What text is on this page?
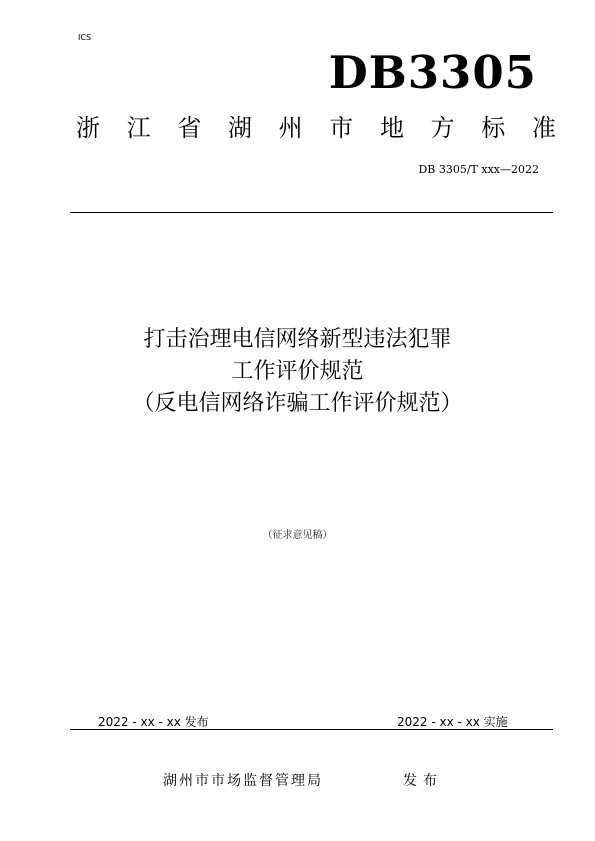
ICS
DB3305
浙 江 省 湖 州 市 地 方 标 准
DB 3305/T xxx—2022
打击治理电信网络新型违法犯罪
工作评价规范
（反电信网络诈骗工作评价规范）
（征求意见稿）
2022 - xx - xx 发布	2022 - xx - xx 实施
湖州市市场监督管理局	发布
